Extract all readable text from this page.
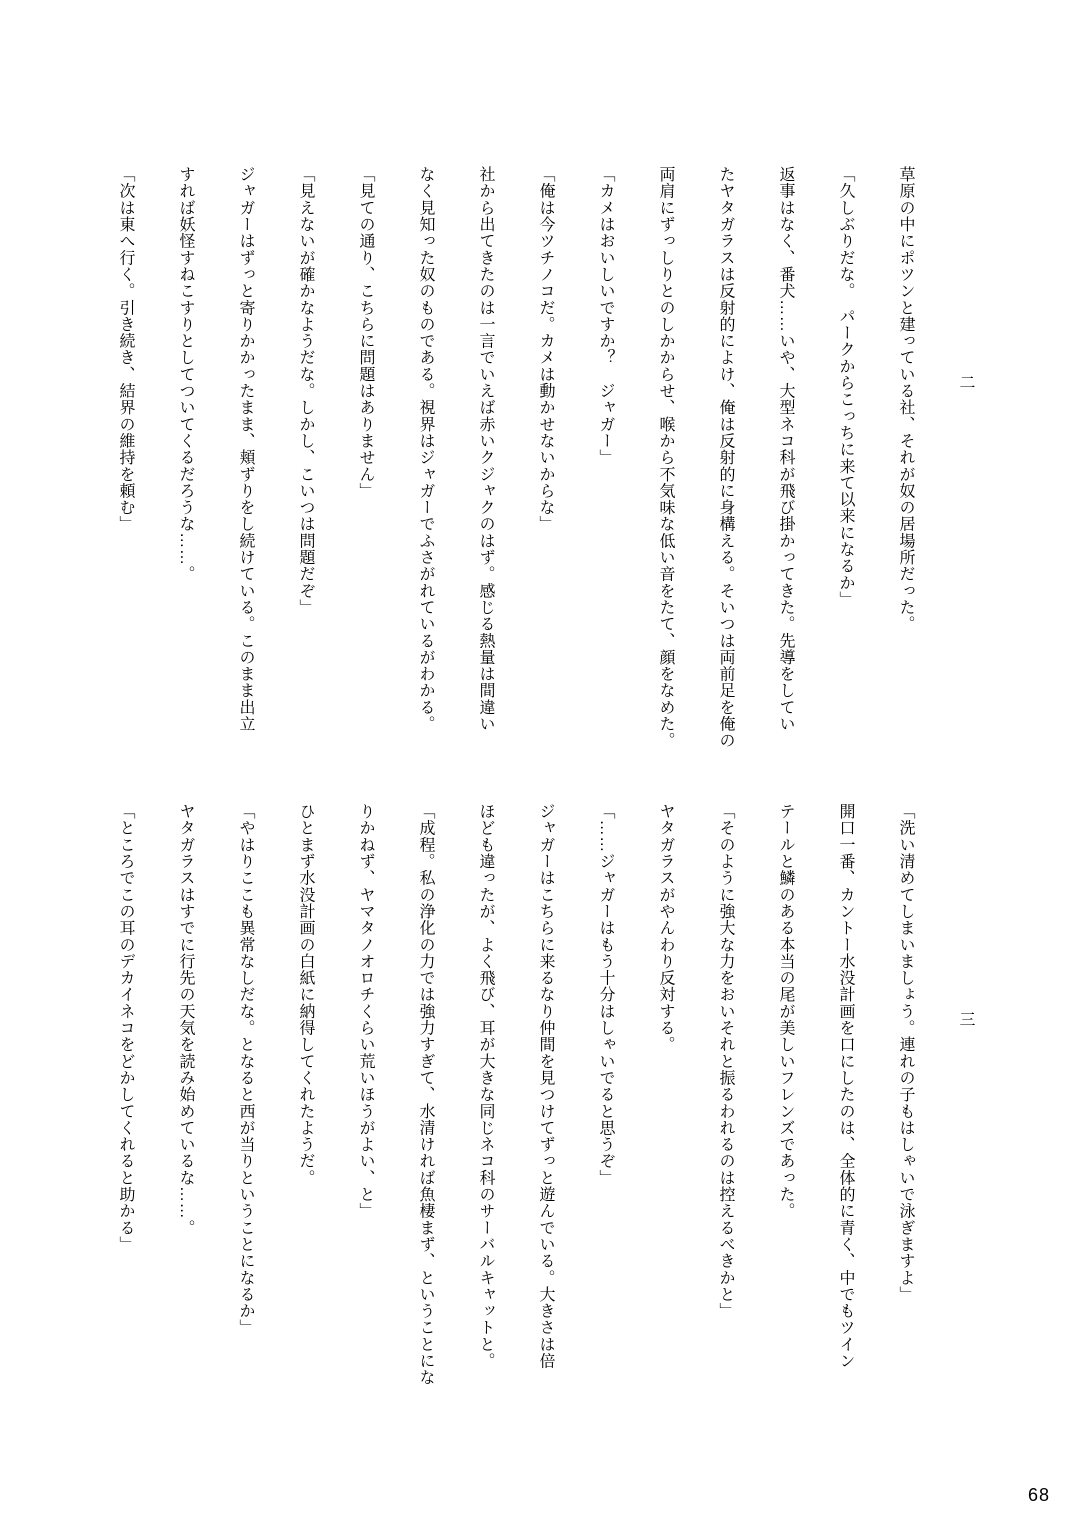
二

草原の中にポツンと建っている社、それが奴の居場所だった。

「久しぶりだな。　パークからこっちに来て以来になるか」

返事はなく、番犬……いや、大型ネコ科が飛び掛かってきた。先導をしてい

たヤタガラスは反射的によけ、俺は反射的に身構える。そいつは両前足を俺の

両肩にずっしりとのしかからせ、喉から不気味な低い音をたて、顔をなめた。

「カメはおいしいですか？　ジャガー」

「俺は今ツチノコだ。カメは動かせないからな」

社から出てきたのは一言でいえば赤いクジャクのはず。感じる熱量は間違い

なく見知った奴のものである。視界はジャガーでふさがれているがわかる。

「見ての通り、こちらに問題はありません」

「見えないが確かなようだな。しかし、こいつは問題だぞ」

ジャガーはずっと寄りかかったまま、頬ずりをし続けている。このまま出立

すれば妖怪すねこすりとしてついてくるだろうな……。

「次は東へ行く。引き続き、結界の維持を頼む」

三

「洗い清めてしまいましょう。連れの子もはしゃいで泳ぎますよ」

開口一番、カントー水没計画を口にしたのは、全体的に青く、中でもツイン

テールと鱗のある本当の尾が美しいフレンズであった。

「そのように強大な力をおいそれと振るわれるのは控えるべきかと」

ヤタガラスがやんわり反対する。

「……ジャガーはもう十分はしゃいでると思うぞ」

ジャガーはこちらに来るなり仲間を見つけてずっと遊んでいる。大きさは倍

ほども違ったが、よく飛び、耳が大きな同じネコ科のサーバルキャットと。

「成程。私の浄化の力では強力すぎて、水清ければ魚棲まず、ということにな

りかねず、ヤマタノオロチくらい荒いほうがよい、と」

ひとまず水没計画の白紙に納得してくれたようだ。

「やはりここも異常なしだな。となると西が当りということになるか」

ヤタガラスはすでに行先の天気を読み始めているな……。

「ところでこの耳のデカイネコをどかしてくれると助かる」

68
